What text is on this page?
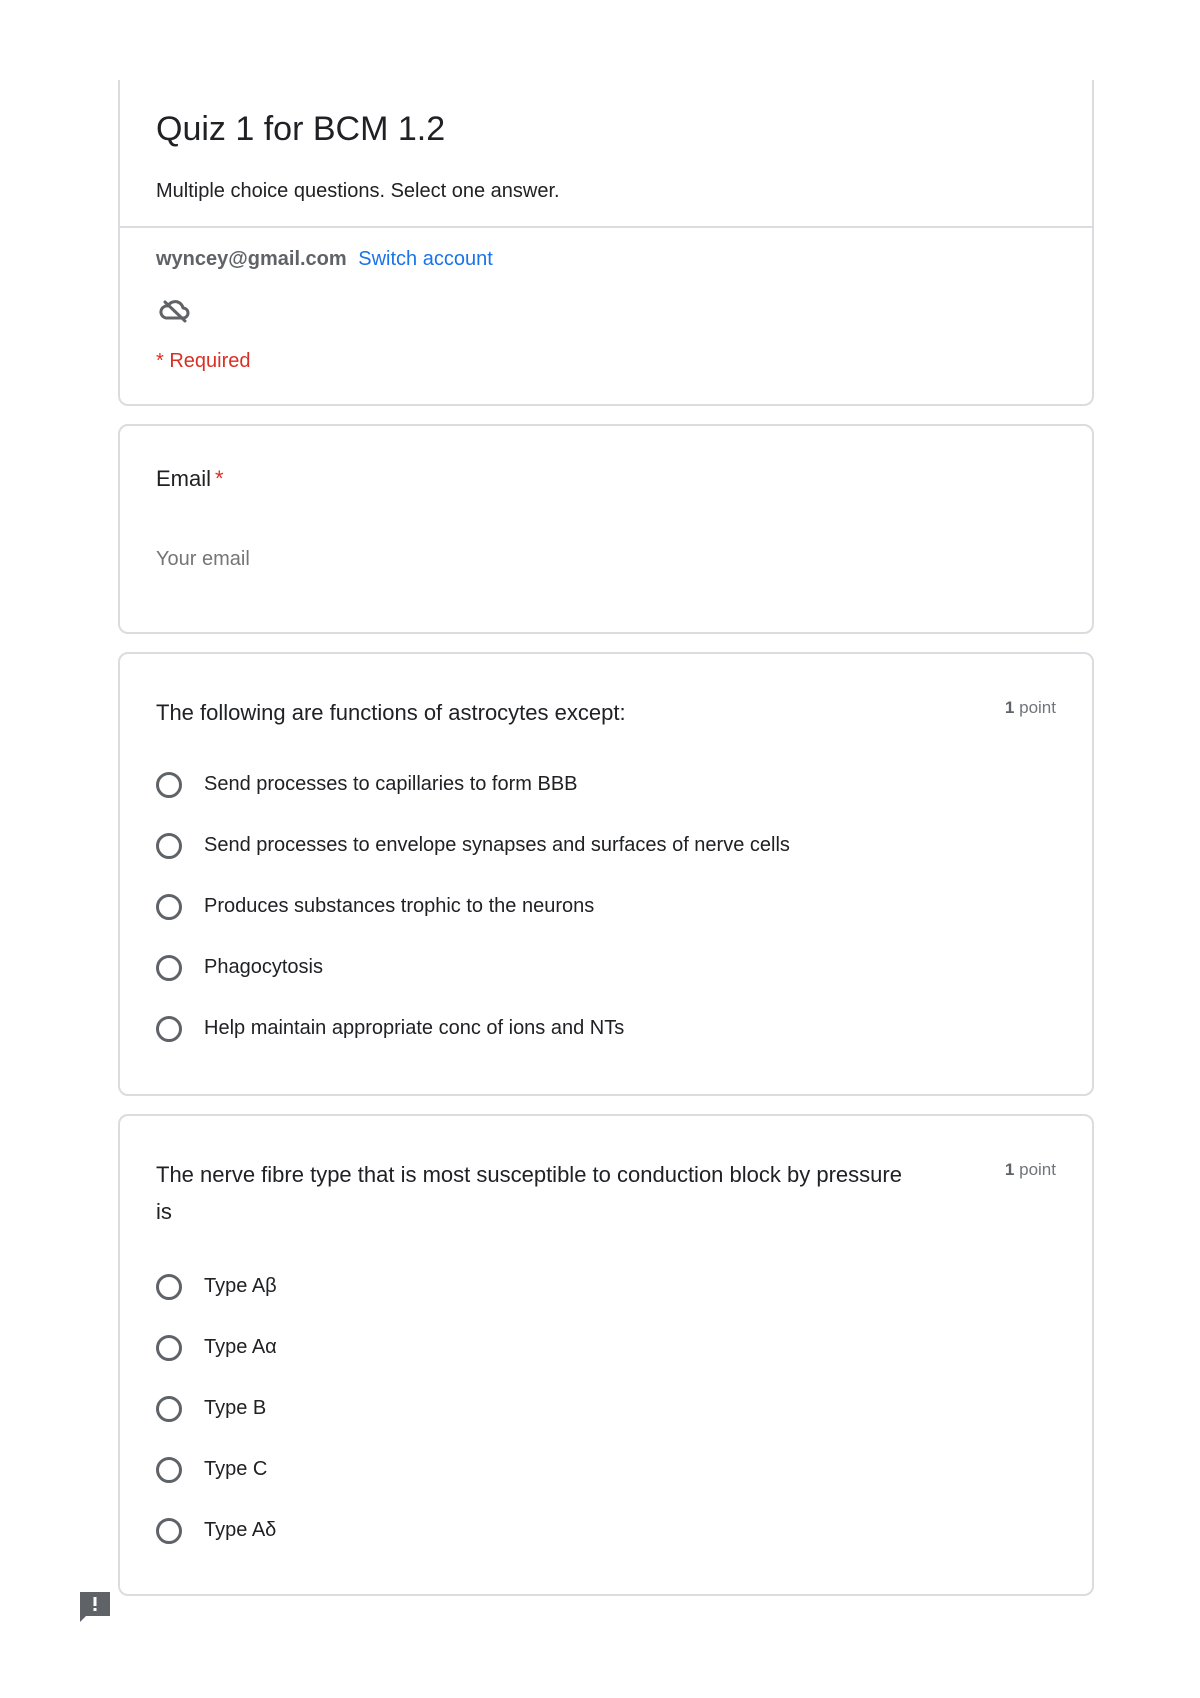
Quiz 1 for BCM 1.2
Multiple choice questions. Select one answer.
wyncey@gmail.com Switch account
* Required
Email *
Your email
The following are functions of astrocytes except:	1 point
Send processes to capillaries to form BBB
Send processes to envelope synapses and surfaces of nerve cells
Produces substances trophic to the neurons
Phagocytosis
Help maintain appropriate conc of ions and NTs
The nerve fibre type that is most susceptible to conduction block by pressure is
1 point
Type Aβ
Type Aα
Type B
Type C
Type Aδ
